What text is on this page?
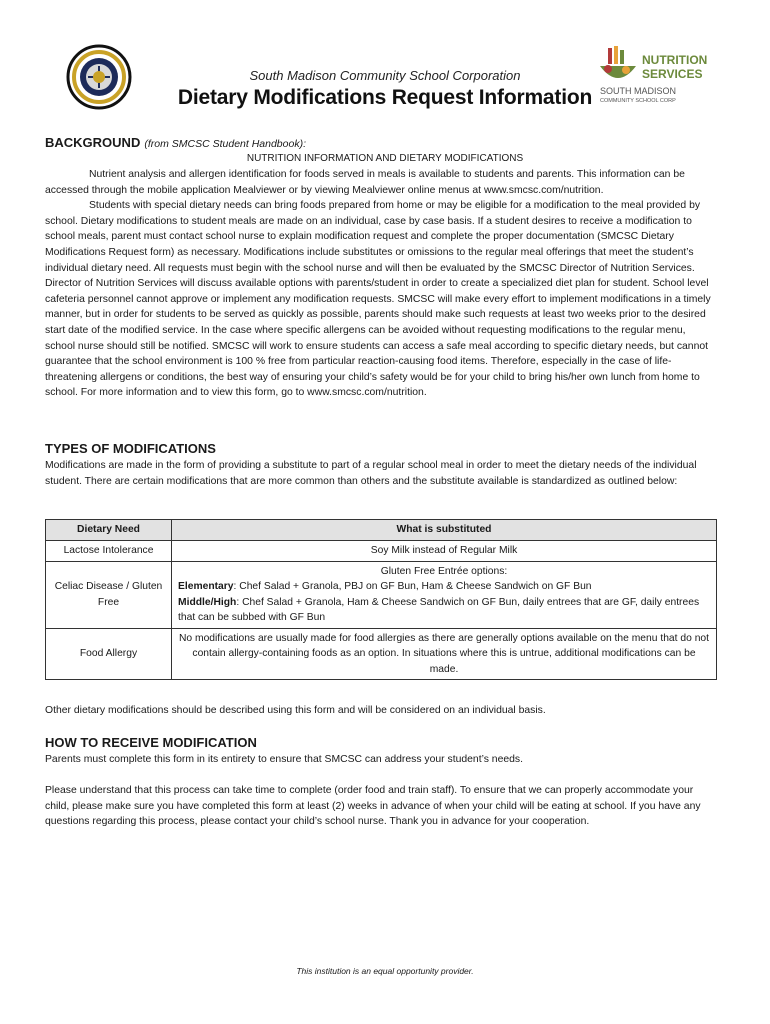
NUTRITION
SERVICES
SOUTH MADISON
COMMUNITY SCHOOL CORP
South Madison Community School Corporation
Dietary Modifications Request Information
BACKGROUND (from SMCSC Student Handbook):
NUTRITION INFORMATION AND DIETARY MODIFICATIONS

Nutrient analysis and allergen identification for foods served in meals is available to students and parents. This information can be accessed through the mobile application Mealviewer or by viewing Mealviewer online menus at www.smcsc.com/nutrition.

Students with special dietary needs can bring foods prepared from home or may be eligible for a modification to the meal provided by school. Dietary modifications to student meals are made on an individual, case by case basis. If a student desires to receive a modification to school meals, parent must contact school nurse to explain modification request and complete the proper documentation (SMCSC Dietary Modifications Request form) as necessary. Modifications include substitutes or omissions to the regular meal offerings that meet the student’s individual dietary need. All requests must begin with the school nurse and will then be evaluated by the SMCSC Director of Nutrition Services. Director of Nutrition Services will discuss available options with parents/student in order to create a specialized diet plan for student. School level cafeteria personnel cannot approve or implement any modification requests. SMCSC will make every effort to implement modifications in a timely manner, but in order for students to be served as quickly as possible, parents should make such requests at least two weeks prior to the desired start date of the modified service. In the case where specific allergens can be avoided without requesting modifications to the regular menu, school nurse should still be notified. SMCSC will work to ensure students can access a safe meal according to specific dietary needs, but cannot guarantee that the school environment is 100 % free from particular reaction-causing food items. Therefore, especially in the case of life-threatening allergens or conditions, the best way of ensuring your child’s safety would be for your child to bring his/her own lunch from home to school. For more information and to view this form, go to www.smcsc.com/nutrition.

TYPES OF MODIFICATIONS
Modifications are made in the form of providing a substitute to part of a regular school meal in order to meet the dietary needs of the individual student. There are certain modifications that are more common than others and the substitute available is standardized as outlined below:
Dietary Need	What is substituted
Lactose Intolerance	Soy Milk instead of Regular Milk
Celiac Disease / Gluten Free	Gluten Free Entrée options:
Elementary: Chef Salad + Granola, PBJ on GF Bun, Ham & Cheese Sandwich on GF Bun
Middle/High: Chef Salad + Granola, Ham & Cheese Sandwich on GF Bun, daily entrees that are GF, daily entrees that can be subbed with GF Bun

Food Allergy	No modifications are usually made for food allergies as there are generally options available on the menu that do not contain allergy-containing foods as an option. In situations where this is untrue, additional modifications can be made.
Other dietary modifications should be described using this form and will be considered on an individual basis.
HOW TO RECEIVE MODIFICATION
Parents must complete this form in its entirety to ensure that SMCSC can address your student’s needs.
Please understand that this process can take time to complete (order food and train staff). To ensure that we can properly accommodate your child, please make sure you have completed this form at least (2) weeks in advance of when your child will be eating at school. If you have any questions regarding this process, please contact your child’s school nurse. Thank you in advance for your cooperation.
This institution is an equal opportunity provider.
